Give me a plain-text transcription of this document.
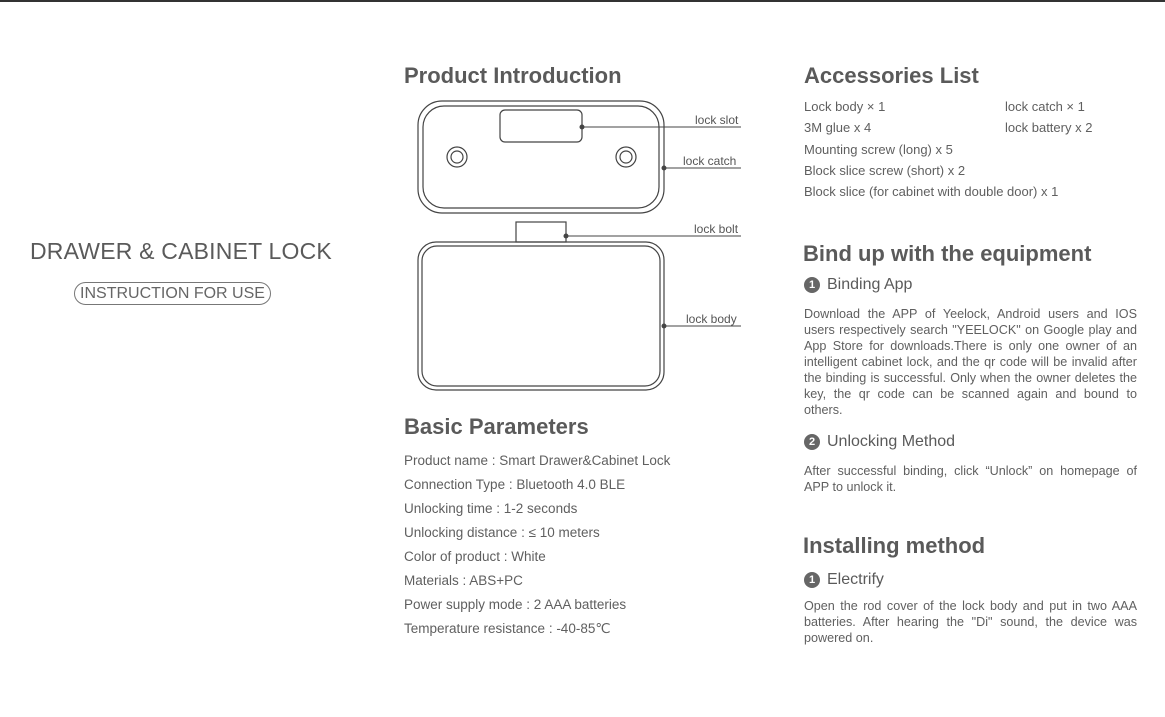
DRAWER & CABINET LOCK
INSTRUCTION FOR USE
Product Introduction
lock slot
lock catch
lock bolt
lock body
Basic Parameters
Product name : Smart Drawer&Cabinet Lock
Connection Type : Bluetooth 4.0 BLE
Unlocking time : 1-2 seconds
Unlocking distance : ≤ 10 meters
Color of product : White
Materials : ABS+PC
Power supply mode : 2 AAA batteries
Temperature resistance : -40-85℃
Accessories List
Lock body × 1	lock catch × 1
3M glue x 4	lock battery x 2
Mounting screw (long) x 5
Block slice screw (short) x 2
Block slice (for cabinet with double door) x 1
Bind up with the equipment
1 Binding App

Download the APP of Yeelock, Android users and IOS users respectively search "YEELOCK" on Google play and App Store for downloads.There is only one owner of an intelligent cabinet lock, and the qr code will be invalid after the binding is successful. Only when the owner deletes the key, the qr code can be scanned again and bound to others.

2 Unlocking Method

After successful binding, click “Unlock” on homepage of APP to unlock it.

Installing method
1 Electrify

Open the rod cover of the lock body and put in two AAA batteries. After hearing the "Di" sound, the device was powered on.
